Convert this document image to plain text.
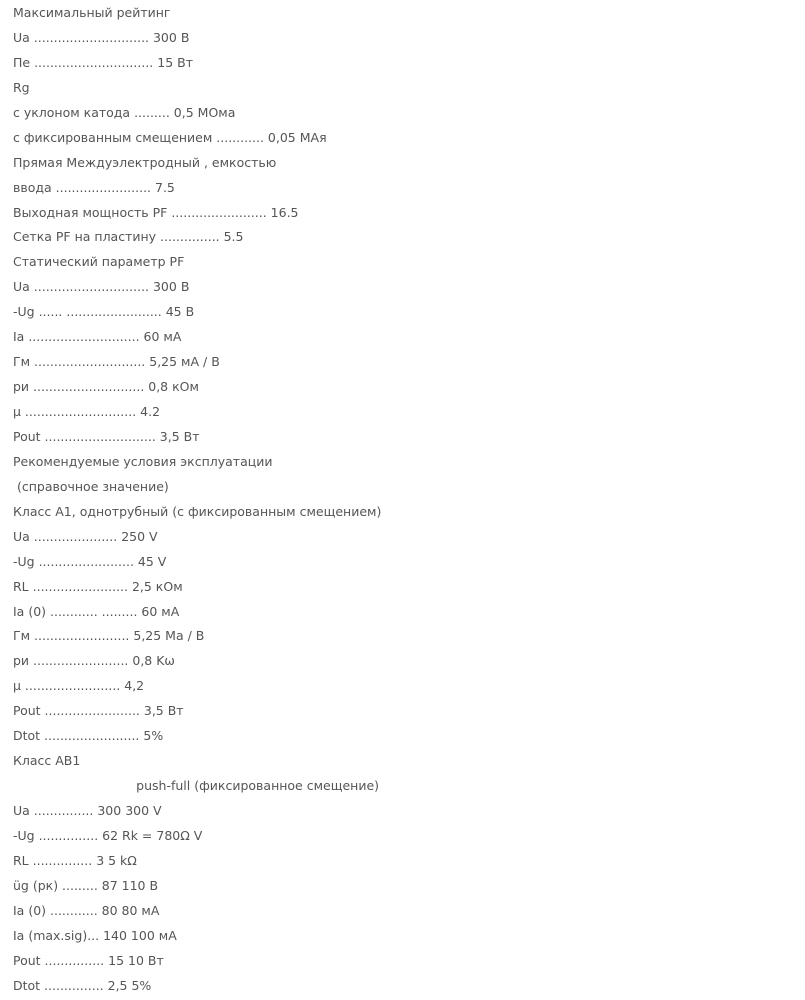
Максимальный рейтинг
Ua ............................. 300 В
Пе .............................. 15 Вт
Rg
с уклоном катода ......... 0,5 МОма
с фиксированным смещением ............ 0,05 МАя
Прямая Междуэлектродный , емкостью
ввода ........................ 7.5
Выходная мощность PF ........................ 16.5
Сетка PF на пластину ............... 5.5
Статический параметр PF
Ua ............................. 300 В
-Ug ...... ........................ 45 В
Ia ............................ 60 мА
Гм ............................ 5,25 мА / В
ри ............................ 0,8 кОм
μ ............................ 4.2
Pout ............................ 3,5 Вт
Рекомендуемые условия эксплуатации
(справочное значение)
Класс A1, однотрубный (с фиксированным смещением)
Ua ..................... 250 V
-Ug ........................ 45 V
RL ........................ 2,5 кОм
Ia (0) ............ ......... 60 мА
Гм ........................ 5,25 Ма / В
ри ........................ 0,8 Kω
μ ........................ 4,2
Pout ........................ 3,5 Вт
Dtot ........................ 5%
Класс AB1
push-full (фиксированное смещение)
Ua ............... 300 300 V
-Ug ............... 62 Rk = 780Ω V
RL ............... 3 5 kΩ
üg (рк) ......... 87 110 В
Ia (0) ............ 80 80 мА
Ia (max.sig)... 140 100 мА
Pout ............... 15 10 Вт
Dtot ............... 2,5 5%
